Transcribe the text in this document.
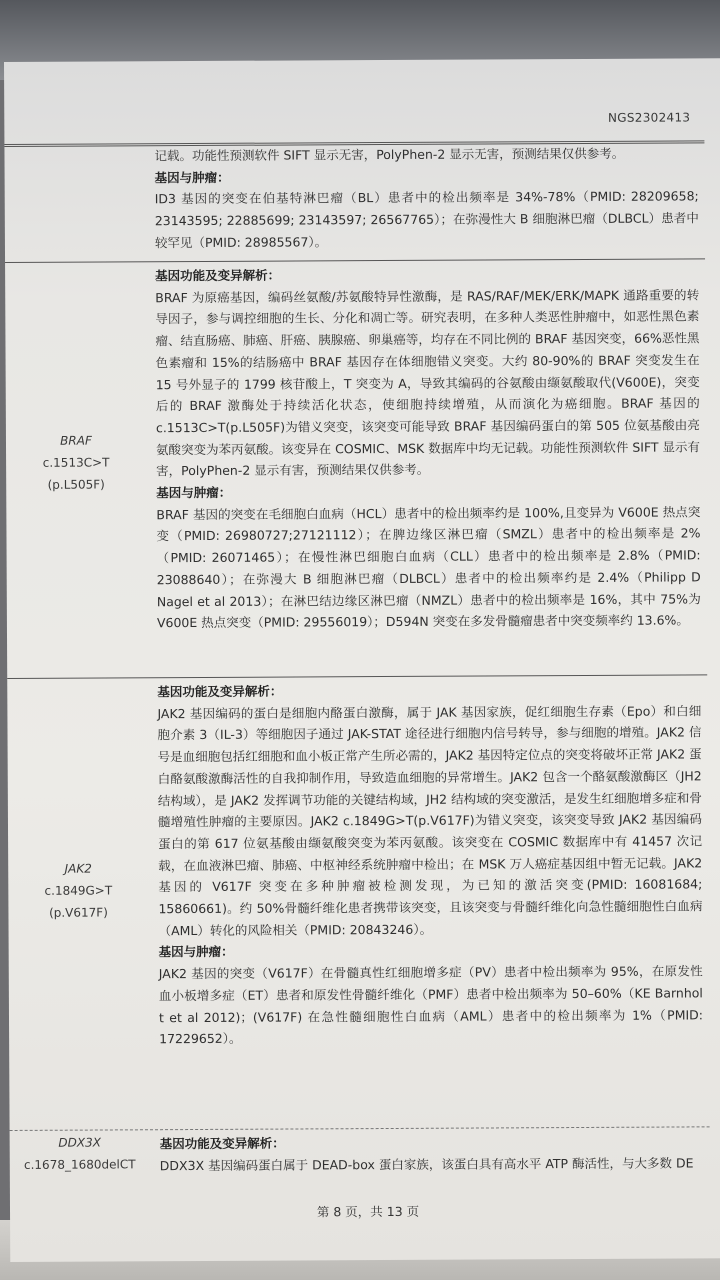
NGS2302413

记载。功能性预测软件 SIFT 显示无害，PolyPhen-2 显示无害，预测结果仅供参考。

基因与肿瘤：

ID3 基因的突变在伯基特淋巴瘤（BL）患者中的检出频率是 34%-78%（PMID: 28209658; 23143595; 22885699; 23143597; 26567765）；在弥漫性大 B 细胞淋巴瘤（DLBCL）患者中较罕见（PMID: 28985567）。

BRAF
c.1513C>T
(p.L505F)

基因功能及变异解析：

BRAF 为原癌基因，编码丝氨酸/苏氨酸特异性激酶，是 RAS/RAF/MEK/ERK/MAPK 通路重要的转导因子，参与调控细胞的生长、分化和凋亡等。研究表明，在多种人类恶性肿瘤中，如恶性黑色素瘤、结直肠癌、肺癌、肝癌、胰腺癌、卵巢癌等，均存在不同比例的 BRAF 基因突变，66%恶性黑色素瘤和 15%的结肠癌中 BRAF 基因存在体细胞错义突变。大约 80-90%的 BRAF 突变发生在 15 号外显子的 1799 核苷酸上，T 突变为 A，导致其编码的谷氨酸由缬氨酸取代(V600E)，突变后的 BRAF 激酶处于持续活化状态，使细胞持续增殖，从而演化为癌细胞。BRAF 基因的 c.1513C>T(p.L505F)为错义突变，该突变可能导致 BRAF 基因编码蛋白的第 505 位氨基酸由亮氨酸突变为苯丙氨酸。该变异在 COSMIC、MSK 数据库中均无记载。功能性预测软件 SIFT 显示有害，PolyPhen-2 显示有害，预测结果仅供参考。

基因与肿瘤：

BRAF 基因的突变在毛细胞白血病（HCL）患者中的检出频率约是 100%,且变异为 V600E 热点突变（PMID: 26980727;27121112）；在脾边缘区淋巴瘤（SMZL）患者中的检出频率是 2%（PMID: 26071465）；在慢性淋巴细胞白血病（CLL）患者中的检出频率是 2.8%（PMID: 23088640）；在弥漫大 B 细胞淋巴瘤（DLBCL）患者中的检出频率约是 2.4%（Philipp D Nagel et al 2013）；在淋巴结边缘区淋巴瘤（NMZL）患者中的检出频率是 16%，其中 75%为 V600E 热点突变（PMID: 29556019）；D594N 突变在多发骨髓瘤患者中突变频率约 13.6%。

JAK2
c.1849G>T
(p.V617F)

基因功能及变异解析：

JAK2 基因编码的蛋白是细胞内酪蛋白激酶，属于 JAK 基因家族，促红细胞生存素（Epo）和白细胞介素 3（IL-3）等细胞因子通过 JAK-STAT 途径进行细胞内信号转导，参与细胞的增殖。JAK2 信号是血细胞包括红细胞和血小板正常产生所必需的，JAK2 基因特定位点的突变将破坏正常 JAK2 蛋白酪氨酸激酶活性的自我抑制作用，导致造血细胞的异常增生。JAK2 包含一个酪氨酸激酶区（JH2 结构域），是 JAK2 发挥调节功能的关键结构域，JH2 结构域的突变激活，是发生红细胞增多症和骨髓增殖性肿瘤的主要原因。JAK2 c.1849G>T(p.V617F)为错义突变，该突变导致 JAK2 基因编码蛋白的第 617 位氨基酸由缬氨酸突变为苯丙氨酸。该突变在 COSMIC 数据库中有 41457 次记载，在血液淋巴瘤、肺癌、中枢神经系统肿瘤中检出；在 MSK 万人癌症基因组中暂无记载。JAK2 基因的 V617F 突变在多种肿瘤被检测发现，为已知的激活突变(PMID: 16081684; 15860661)。约 50%骨髓纤维化患者携带该突变，且该突变与骨髓纤维化向急性髓细胞性白血病（AML）转化的风险相关（PMID: 20843246）。

基因与肿瘤：

JAK2 基因的突变（V617F）在骨髓真性红细胞增多症（PV）患者中检出频率为 95%，在原发性血小板增多症（ET）患者和原发性骨髓纤维化（PMF）患者中检出频率为 50–60%（KE Barnhol t et al 2012)；(V617F) 在急性髓细胞性白血病（AML）患者中的检出频率为 1%（PMID: 17229652）。

DDX3X
c.1678_1680delCT

基因功能及变异解析：

DDX3X 基因编码蛋白属于 DEAD-box 蛋白家族，该蛋白具有高水平 ATP 酶活性，与大多数 DE

第 8 页，共 13 页
